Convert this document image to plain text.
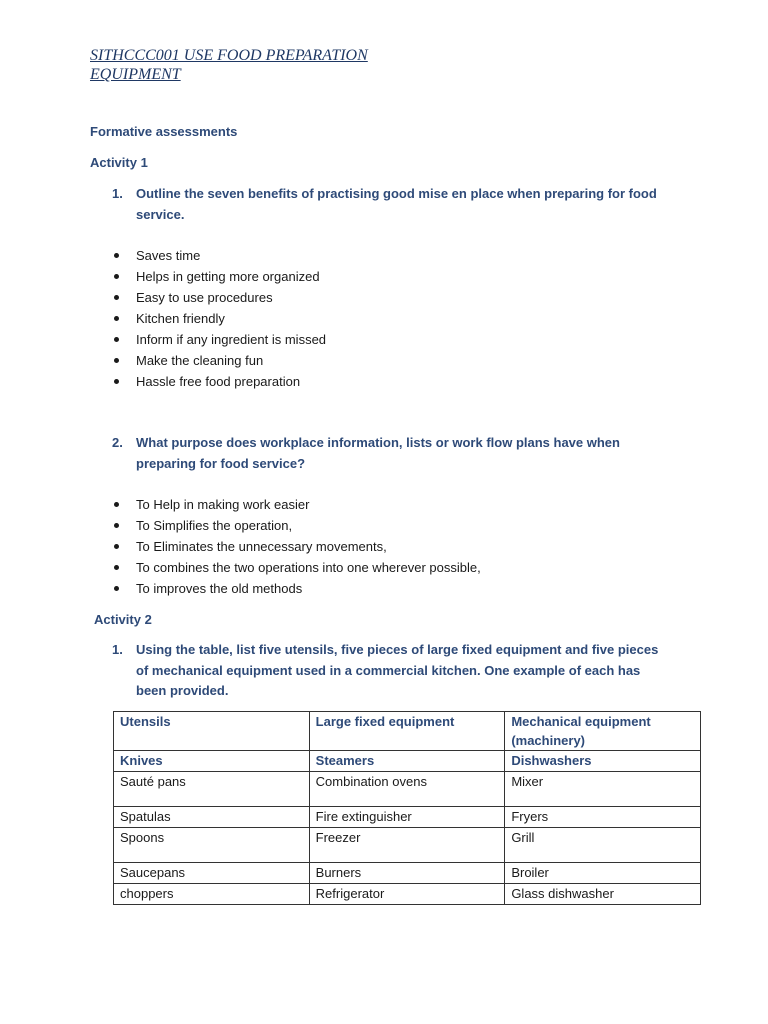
SITHCCC001 USE FOOD PREPARATION
EQUIPMENT
Formative assessments
Activity 1
1. Outline the seven benefits of practising good mise en place when preparing for food service.
Saves time
Helps in getting more organized
Easy to use procedures
Kitchen friendly
Inform if any ingredient is missed
Make the cleaning fun
Hassle free food preparation
2. What purpose does workplace information, lists or work flow plans have when preparing for food service?
To Help in making work easier
To Simplifies the operation,
To Eliminates the unnecessary movements,
To combines the two operations into one wherever possible,
To improves the old methods
Activity 2
1. Using the table, list five utensils, five pieces of large fixed equipment and five pieces of mechanical equipment used in a commercial kitchen. One example of each has been provided.
Utensils	Large fixed equipment	Mechanical equipment (machinery)
Knives	Steamers	Dishwashers
Sauté pans	Combination ovens	Mixer
Spatulas	Fire extinguisher	Fryers
Spoons	Freezer	Grill
Saucepans	Burners	Broiler
choppers	Refrigerator	Glass dishwasher
